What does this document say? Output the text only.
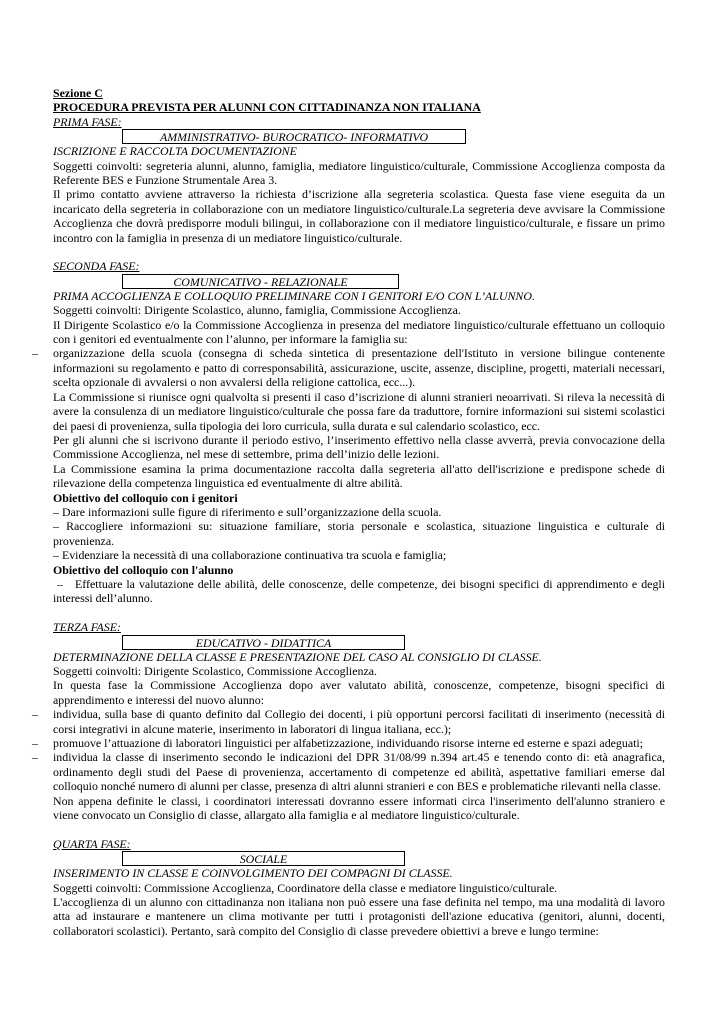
Sezione C

PROCEDURA PREVISTA PER ALUNNI CON CITTADINANZA NON ITALIANA

PRIMA FASE:

AMMINISTRATIVO- BUROCRATICO- INFORMATIVO

ISCRIZIONE E RACCOLTA DOCUMENTAZIONE

Soggetti coinvolti: segreteria alunni, alunno, famiglia, mediatore linguistico/culturale, Commissione Accoglienza composta da Referente BES e Funzione Strumentale Area 3.

Il primo contatto avviene attraverso la richiesta d’iscrizione alla segreteria scolastica. Questa fase viene eseguita da un incaricato della segreteria in collaborazione con un mediatore linguistico/culturale.La segreteria deve avvisare la Commissione Accoglienza che dovrà predisporre moduli bilingui, in collaborazione con il mediatore linguistico/culturale, e fissare un primo incontro con la famiglia in presenza di un mediatore linguistico/culturale.

SECONDA FASE:

COMUNICATIVO - RELAZIONALE

PRIMA ACCOGLIENZA E COLLOQUIO PRELIMINARE CON I GENITORI E/O CON L’ALUNNO.

Soggetti coinvolti: Dirigente Scolastico, alunno, famiglia, Commissione Accoglienza.

Il Dirigente Scolastico e/o la Commissione Accoglienza in presenza del mediatore linguistico/culturale effettuano un colloquio con i genitori ed eventualmente con l’alunno, per informare la famiglia su:

– organizzazione della scuola (consegna di scheda sintetica di presentazione dell'Istituto in versione bilingue contenente informazioni su regolamento e patto di corresponsabilità, assicurazione, uscite, assenze, discipline, progetti, materiali necessari, scelta opzionale di avvalersi o non avvalersi della religione cattolica, ecc...).

La Commissione si riunisce ogni qualvolta si presenti il caso d’iscrizione di alunni stranieri neoarrivati. Si rileva la necessità di avere la consulenza di un mediatore linguistico/culturale che possa fare da traduttore, fornire informazioni sui sistemi scolastici dei paesi di provenienza, sulla tipologia dei loro curricula, sulla durata e sul calendario scolastico, ecc.

Per gli alunni che si iscrivono durante il periodo estivo, l’inserimento effettivo nella classe avverrà, previa convocazione della Commissione Accoglienza, nel mese di settembre, prima dell’inizio delle lezioni.

La Commissione esamina la prima documentazione raccolta dalla segreteria all'atto dell'iscrizione e predispone schede di rilevazione della competenza linguistica ed eventualmente di altre abilità.

Obiettivo del colloquio con i genitori

– Dare informazioni sulle figure di riferimento e sull’organizzazione della scuola.

– Raccogliere informazioni su: situazione familiare, storia personale e scolastica, situazione linguistica e culturale di provenienza.

– Evidenziare la necessità di una collaborazione continuativa tra scuola e famiglia;

Obiettivo del colloquio con l'alunno

– Effettuare la valutazione delle abilità, delle conoscenze, delle competenze, dei bisogni specifici di apprendimento e degli interessi dell’alunno.

TERZA FASE:

EDUCATIVO - DIDATTICA

DETERMINAZIONE DELLA CLASSE E PRESENTAZIONE DEL CASO AL CONSIGLIO DI CLASSE.

Soggetti coinvolti: Dirigente Scolastico, Commissione Accoglienza.

In questa fase la Commissione Accoglienza dopo aver valutato abilità, conoscenze, competenze, bisogni specifici di apprendimento e interessi del nuovo alunno:

– individua, sulla base di quanto definito dal Collegio dei docenti, i più opportuni percorsi facilitati di inserimento (necessità di corsi integrativi in alcune materie, inserimento in laboratori di lingua italiana, ecc.);
– promuove l’attuazione di laboratori linguistici per alfabetizzazione, individuando risorse interne ed esterne e spazi adeguati;
– individua la classe di inserimento secondo le indicazioni del DPR 31/08/99 n.394 art.45 e tenendo conto di: età anagrafica, ordinamento degli studi del Paese di provenienza, accertamento di competenze ed abilità, aspettative familiari emerse dal colloquio nonché numero di alunni per classe, presenza di altri alunni stranieri e con BES e problematiche rilevanti nella classe.

Non appena definite le classi, i coordinatori interessati dovranno essere informati circa l'inserimento dell'alunno straniero e viene convocato un Consiglio di classe, allargato alla famiglia e al mediatore linguistico/culturale.

QUARTA FASE:

SOCIALE

INSERIMENTO IN CLASSE E COINVOLGIMENTO DEI COMPAGNI DI CLASSE.

Soggetti coinvolti: Commissione Accoglienza, Coordinatore della classe e mediatore linguistico/culturale.

L'accoglienza di un alunno con cittadinanza non italiana non può essere una fase definita nel tempo, ma una modalità di lavoro atta ad instaurare e mantenere un clima motivante per tutti i protagonisti dell'azione educativa (genitori, alunni, docenti, collaboratori scolastici). Pertanto, sarà compito del Consiglio di classe prevedere obiettivi a breve e lungo termine:
